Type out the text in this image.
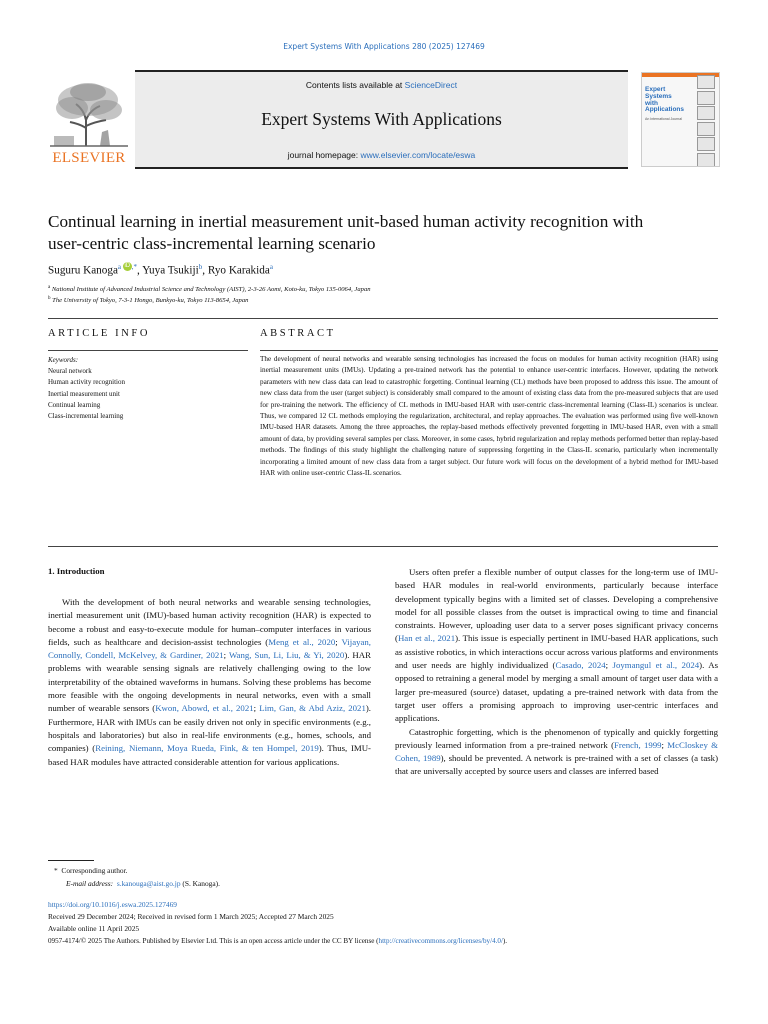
Expert Systems With Applications 280 (2025) 127469
ELSEVIER
Contents lists available at ScienceDirect
Expert Systems With Applications
journal homepage: www.elsevier.com/locate/eswa
Expert
Systems
with
Applications
An International Journal
Continual learning in inertial measurement unit-based human activity recognition with user-centric class-incremental learning scenario
Suguru Kanoga$^{a iD ,*}$, Yuya Tsukiji$^b$, Ryo Karakida$^a$
$^a$ National Institute of Advanced Industrial Science and Technology (AIST), 2-3-26 Aomi, Koto-ku, Tokyo 135-0064, Japan
$^b$ The University of Tokyo, 7-3-1 Hongo, Bunkyo-ku, Tokyo 113-8654, Japan
ARTICLE INFO	ABSTRACT
Keywords:
Neural network
Human activity recognition
Inertial measurement unit
Continual learning
Class-incremental learning
The development of neural networks and wearable sensing technologies has increased the focus on modules for human activity recognition (HAR) using inertial measurement units (IMUs). Updating a pre-trained network has the potential to enhance user-centric interfaces. However, updating the network parameters with new class data can lead to catastrophic forgetting. Continual learning (CL) methods have been proposed to address this issue. The amount of new class data from the user (target subject) is considerably small compared to the amount of existing class data from the pre-measured subjects that are used for pre-training the network. The efficiency of CL methods in IMU-based HAR with user-centric class-incremental learning (Class-IL) scenarios is unclear. Thus, we compared 12 CL methods employing the regularization, architectural, and replay approaches. The evaluation was performed using five well-known IMU-based HAR datasets. Among the three approaches, the replay-based methods effectively prevented forgetting in IMU-based HAR, even with a small amount of data, by providing several samples per class. Moreover, in some cases, hybrid regularization and replay methods performed better than replay-based methods. The findings of this study highlight the challenging nature of suppressing forgetting in the Class-IL scenario, particularly when incrementally incorporating a limited amount of new class data from a target subject. Our future work will focus on the development of a hybrid method for IMU-based HAR with online user-centric Class-IL scenarios.
1. Introduction

With the development of both neural networks and wearable sensing technologies, inertial measurement unit (IMU)-based human activity recognition (HAR) is expected to become a robust and easy-to-execute module for human–computer interfaces in various fields, such as healthcare and decision-assist technologies (Meng et al., 2020; Vijayan, Connolly, Condell, McKelvey, & Gardiner, 2021; Wang, Sun, Li, Liu, & Yi, 2020). HAR problems with wearable sensing signals are relatively challenging owing to the low interpretability of the obtained waveforms in humans. Solving these problems has become more feasible with the ongoing developments in neural networks, even with a small number of wearable sensors (Kwon, Abowd, et al., 2021; Lim, Gan, & Abd Aziz, 2021). Furthermore, HAR with IMUs can be easily driven not only in specific environments (e.g., hospitals and laboratories) but also in real-life environments (e.g., homes, schools, and companies) (Reining, Niemann, Moya Rueda, Fink, & ten Hompel, 2019). Thus, IMU-based HAR modules have attracted considerable attention for various applications.

Users often prefer a flexible number of output classes for the long-term use of IMU-based HAR modules in real-world environments, particularly because interface development typically begins with a limited set of classes. Developing a comprehensive model for all possible classes from the outset is impractical owing to time and financial constraints. However, uploading user data to a server poses significant privacy concerns (Han et al., 2021). This issue is especially pertinent in IMU-based HAR applications, such as assistive robotics, in which interactions occur across various platforms and environments and user needs are highly individualized (Casado, 2024; Joymangul et al., 2024). As opposed to retraining a general model by merging a small amount of target user data with a larger pre-measured (source) dataset, updating a pre-trained network with data from the target user offers a promising approach to improving user-centric interfaces and applications.

Catastrophic forgetting, which is the phenomenon of typically and quickly forgetting previously learned information from a pre-trained network (French, 1999; McCloskey & Cohen, 1989), should be prevented. A network is pre-trained with a set of classes (a task) that are universally accepted by source users and classes are inferred based

* Corresponding author.
E-mail address: s.kanouga@aist.go.jp (S. Kanoga).
https://doi.org/10.1016/j.eswa.2025.127469
Received 29 December 2024; Received in revised form 1 March 2025; Accepted 27 March 2025
Available online 11 April 2025
0957-4174/© 2025 The Authors. Published by Elsevier Ltd. This is an open access article under the CC BY license (http://creativecommons.org/licenses/by/4.0/).
